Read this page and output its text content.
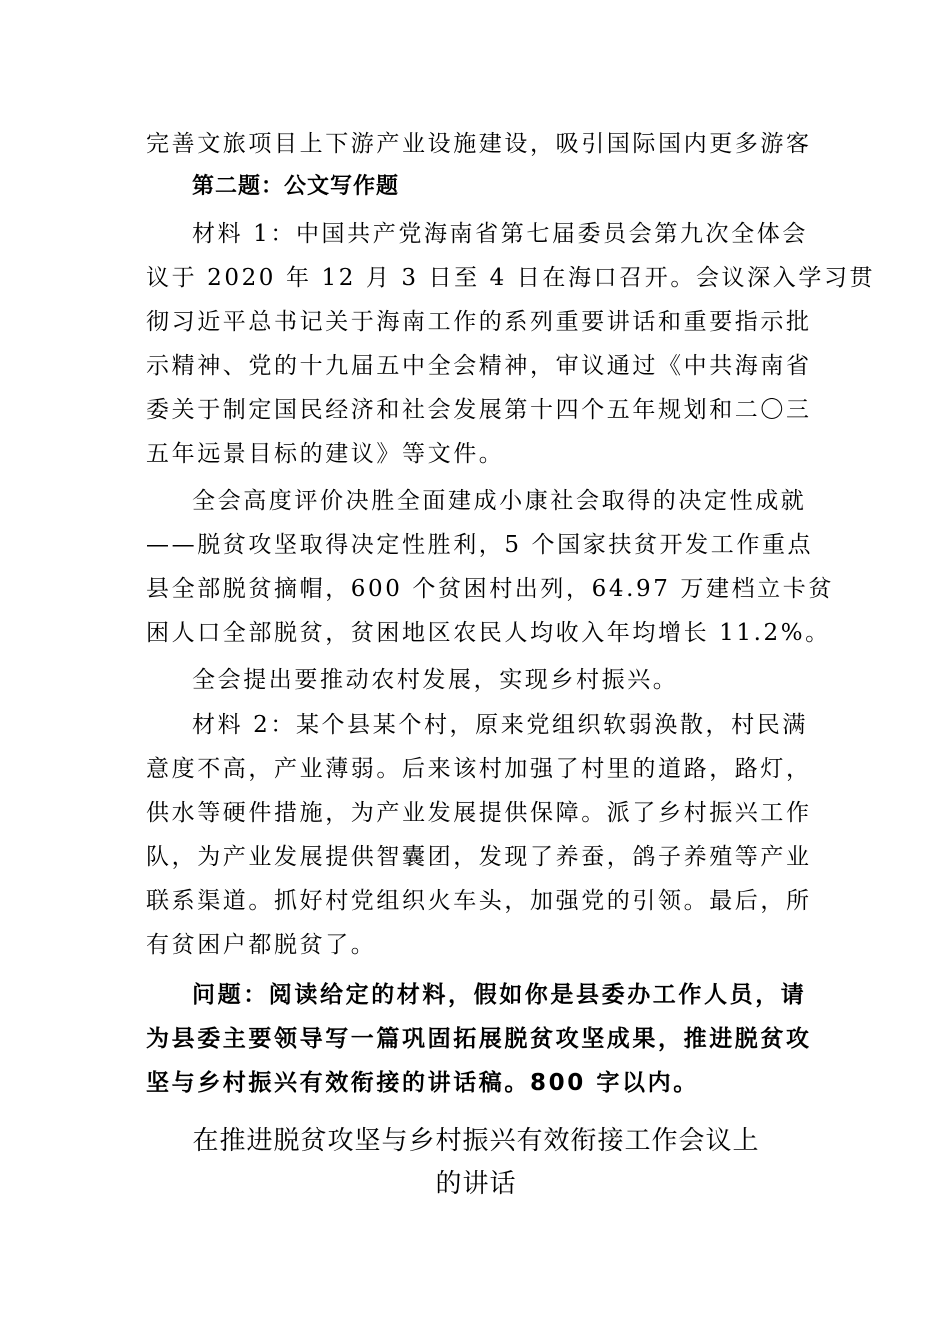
完善文旅项目上下游产业设施建设，吸引国际国内更多游客
第二题：公文写作题
材料 1：中国共产党海南省第七届委员会第九次全体会
议于 2020 年 12 月 3 日至 4 日在海口召开。会议深入学习贯
彻习近平总书记关于海南工作的系列重要讲话和重要指示批
示精神、党的十九届五中全会精神，审议通过《中共海南省
委关于制定国民经济和社会发展第十四个五年规划和二〇三
五年远景目标的建议》等文件。
全会高度评价决胜全面建成小康社会取得的决定性成就
——脱贫攻坚取得决定性胜利，5 个国家扶贫开发工作重点
县全部脱贫摘帽，600 个贫困村出列，64.97 万建档立卡贫
困人口全部脱贫，贫困地区农民人均收入年均增长 11.2%。
全会提出要推动农村发展，实现乡村振兴。
材料 2：某个县某个村，原来党组织软弱涣散，村民满
意度不高，产业薄弱。后来该村加强了村里的道路，路灯，
供水等硬件措施，为产业发展提供保障。派了乡村振兴工作
队，为产业发展提供智囊团，发现了养蚕，鸽子养殖等产业
联系渠道。抓好村党组织火车头，加强党的引领。最后，所
有贫困户都脱贫了。
问题：阅读给定的材料，假如你是县委办工作人员，请
为县委主要领导写一篇巩固拓展脱贫攻坚成果，推进脱贫攻
坚与乡村振兴有效衔接的讲话稿。800 字以内。
在推进脱贫攻坚与乡村振兴有效衔接工作会议上
的讲话
